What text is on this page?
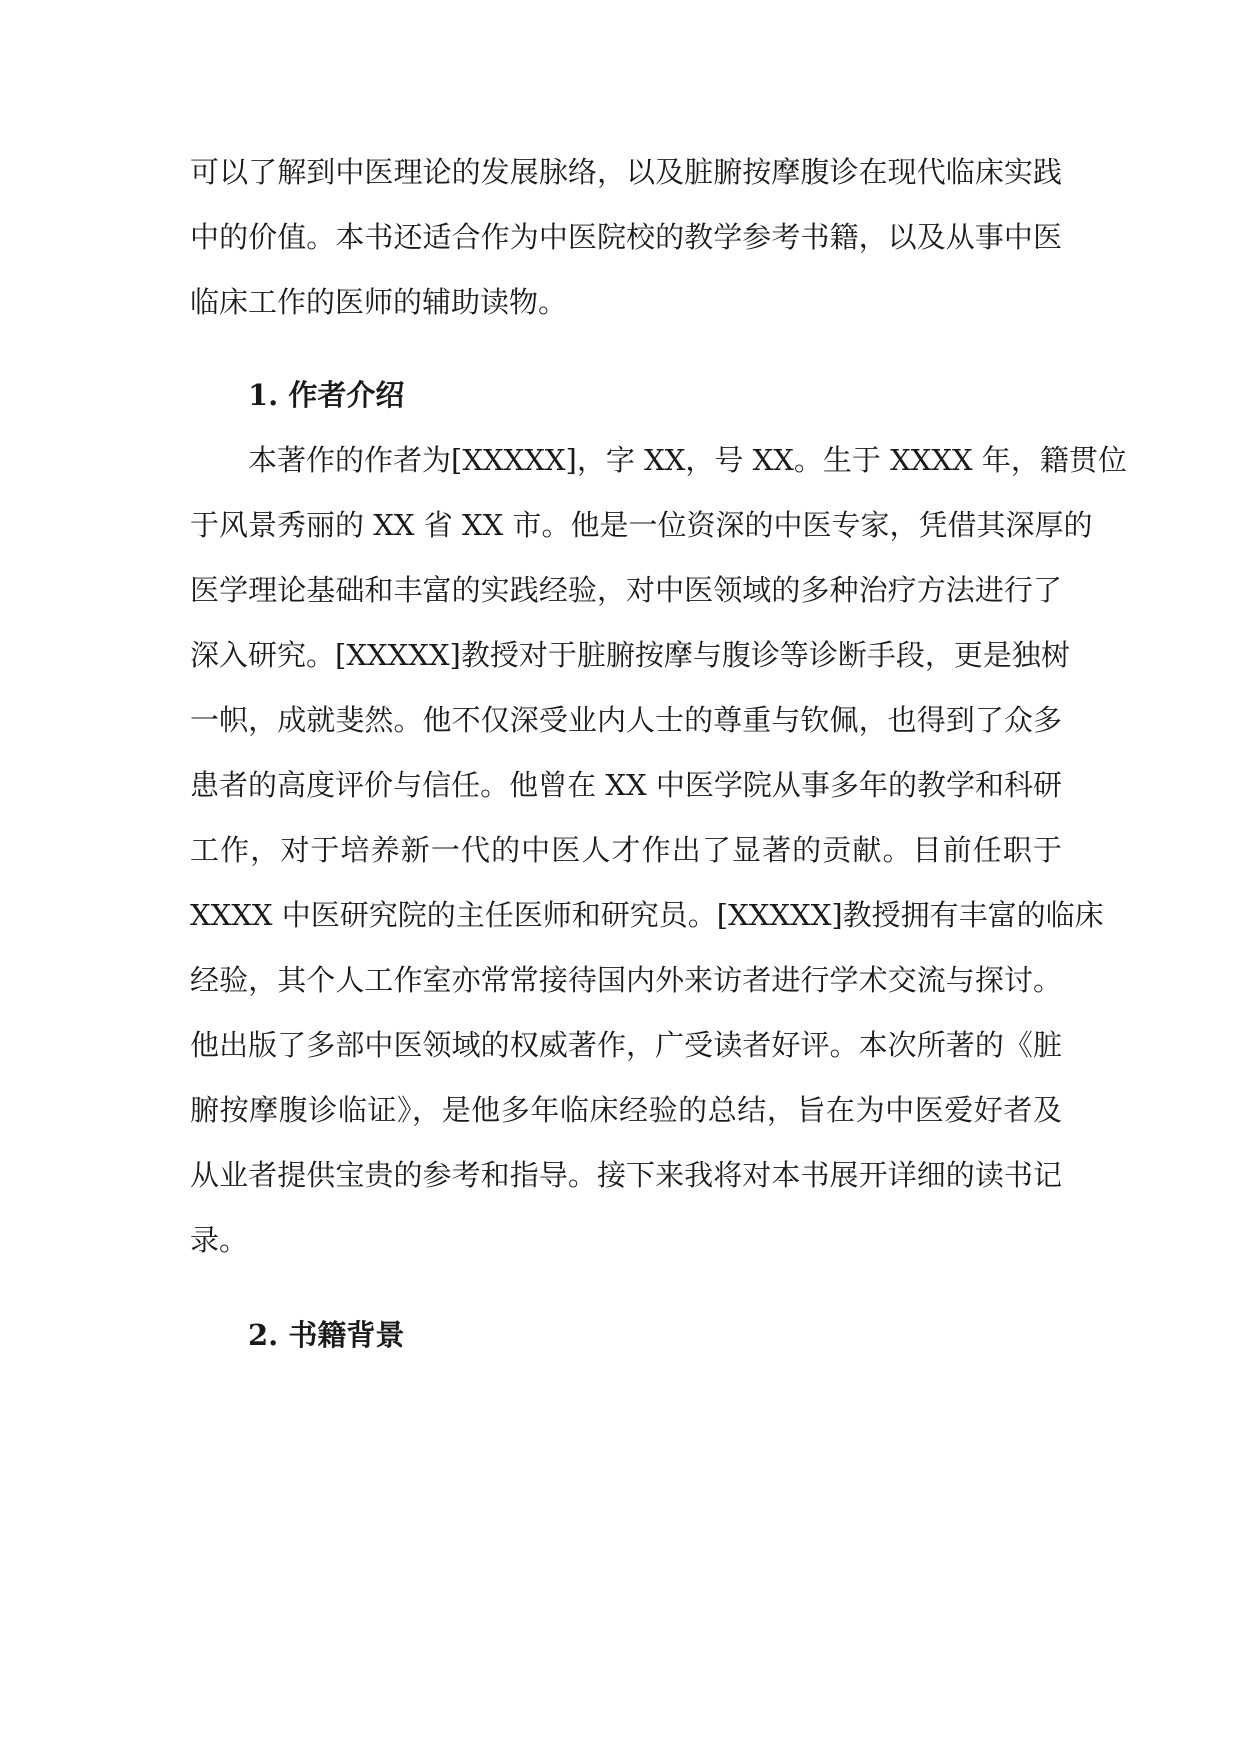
可以了解到中医理论的发展脉络，以及脏腑按摩腹诊在现代临床实践
中的价值。本书还适合作为中医院校的教学参考书籍，以及从事中医
临床工作的医师的辅助读物。
1. 作者介绍
本著作的作者为[XXXXX]，字 XX，号 XX。生于 XXXX 年，籍贯位
于风景秀丽的 XX 省 XX 市。他是一位资深的中医专家，凭借其深厚的
医学理论基础和丰富的实践经验，对中医领域的多种治疗方法进行了
深入研究。[XXXXX]教授对于脏腑按摩与腹诊等诊断手段，更是独树
一帜，成就斐然。他不仅深受业内人士的尊重与钦佩，也得到了众多
患者的高度评价与信任。他曾在 XX 中医学院从事多年的教学和科研
工作，对于培养新一代的中医人才作出了显著的贡献。目前任职于
XXXX 中医研究院的主任医师和研究员。[XXXXX]教授拥有丰富的临床
经验，其个人工作室亦常常接待国内外来访者进行学术交流与探讨。
他出版了多部中医领域的权威著作，广受读者好评。本次所著的《脏
腑按摩腹诊临证》，是他多年临床经验的总结，旨在为中医爱好者及
从业者提供宝贵的参考和指导。接下来我将对本书展开详细的读书记
录。
2. 书籍背景
